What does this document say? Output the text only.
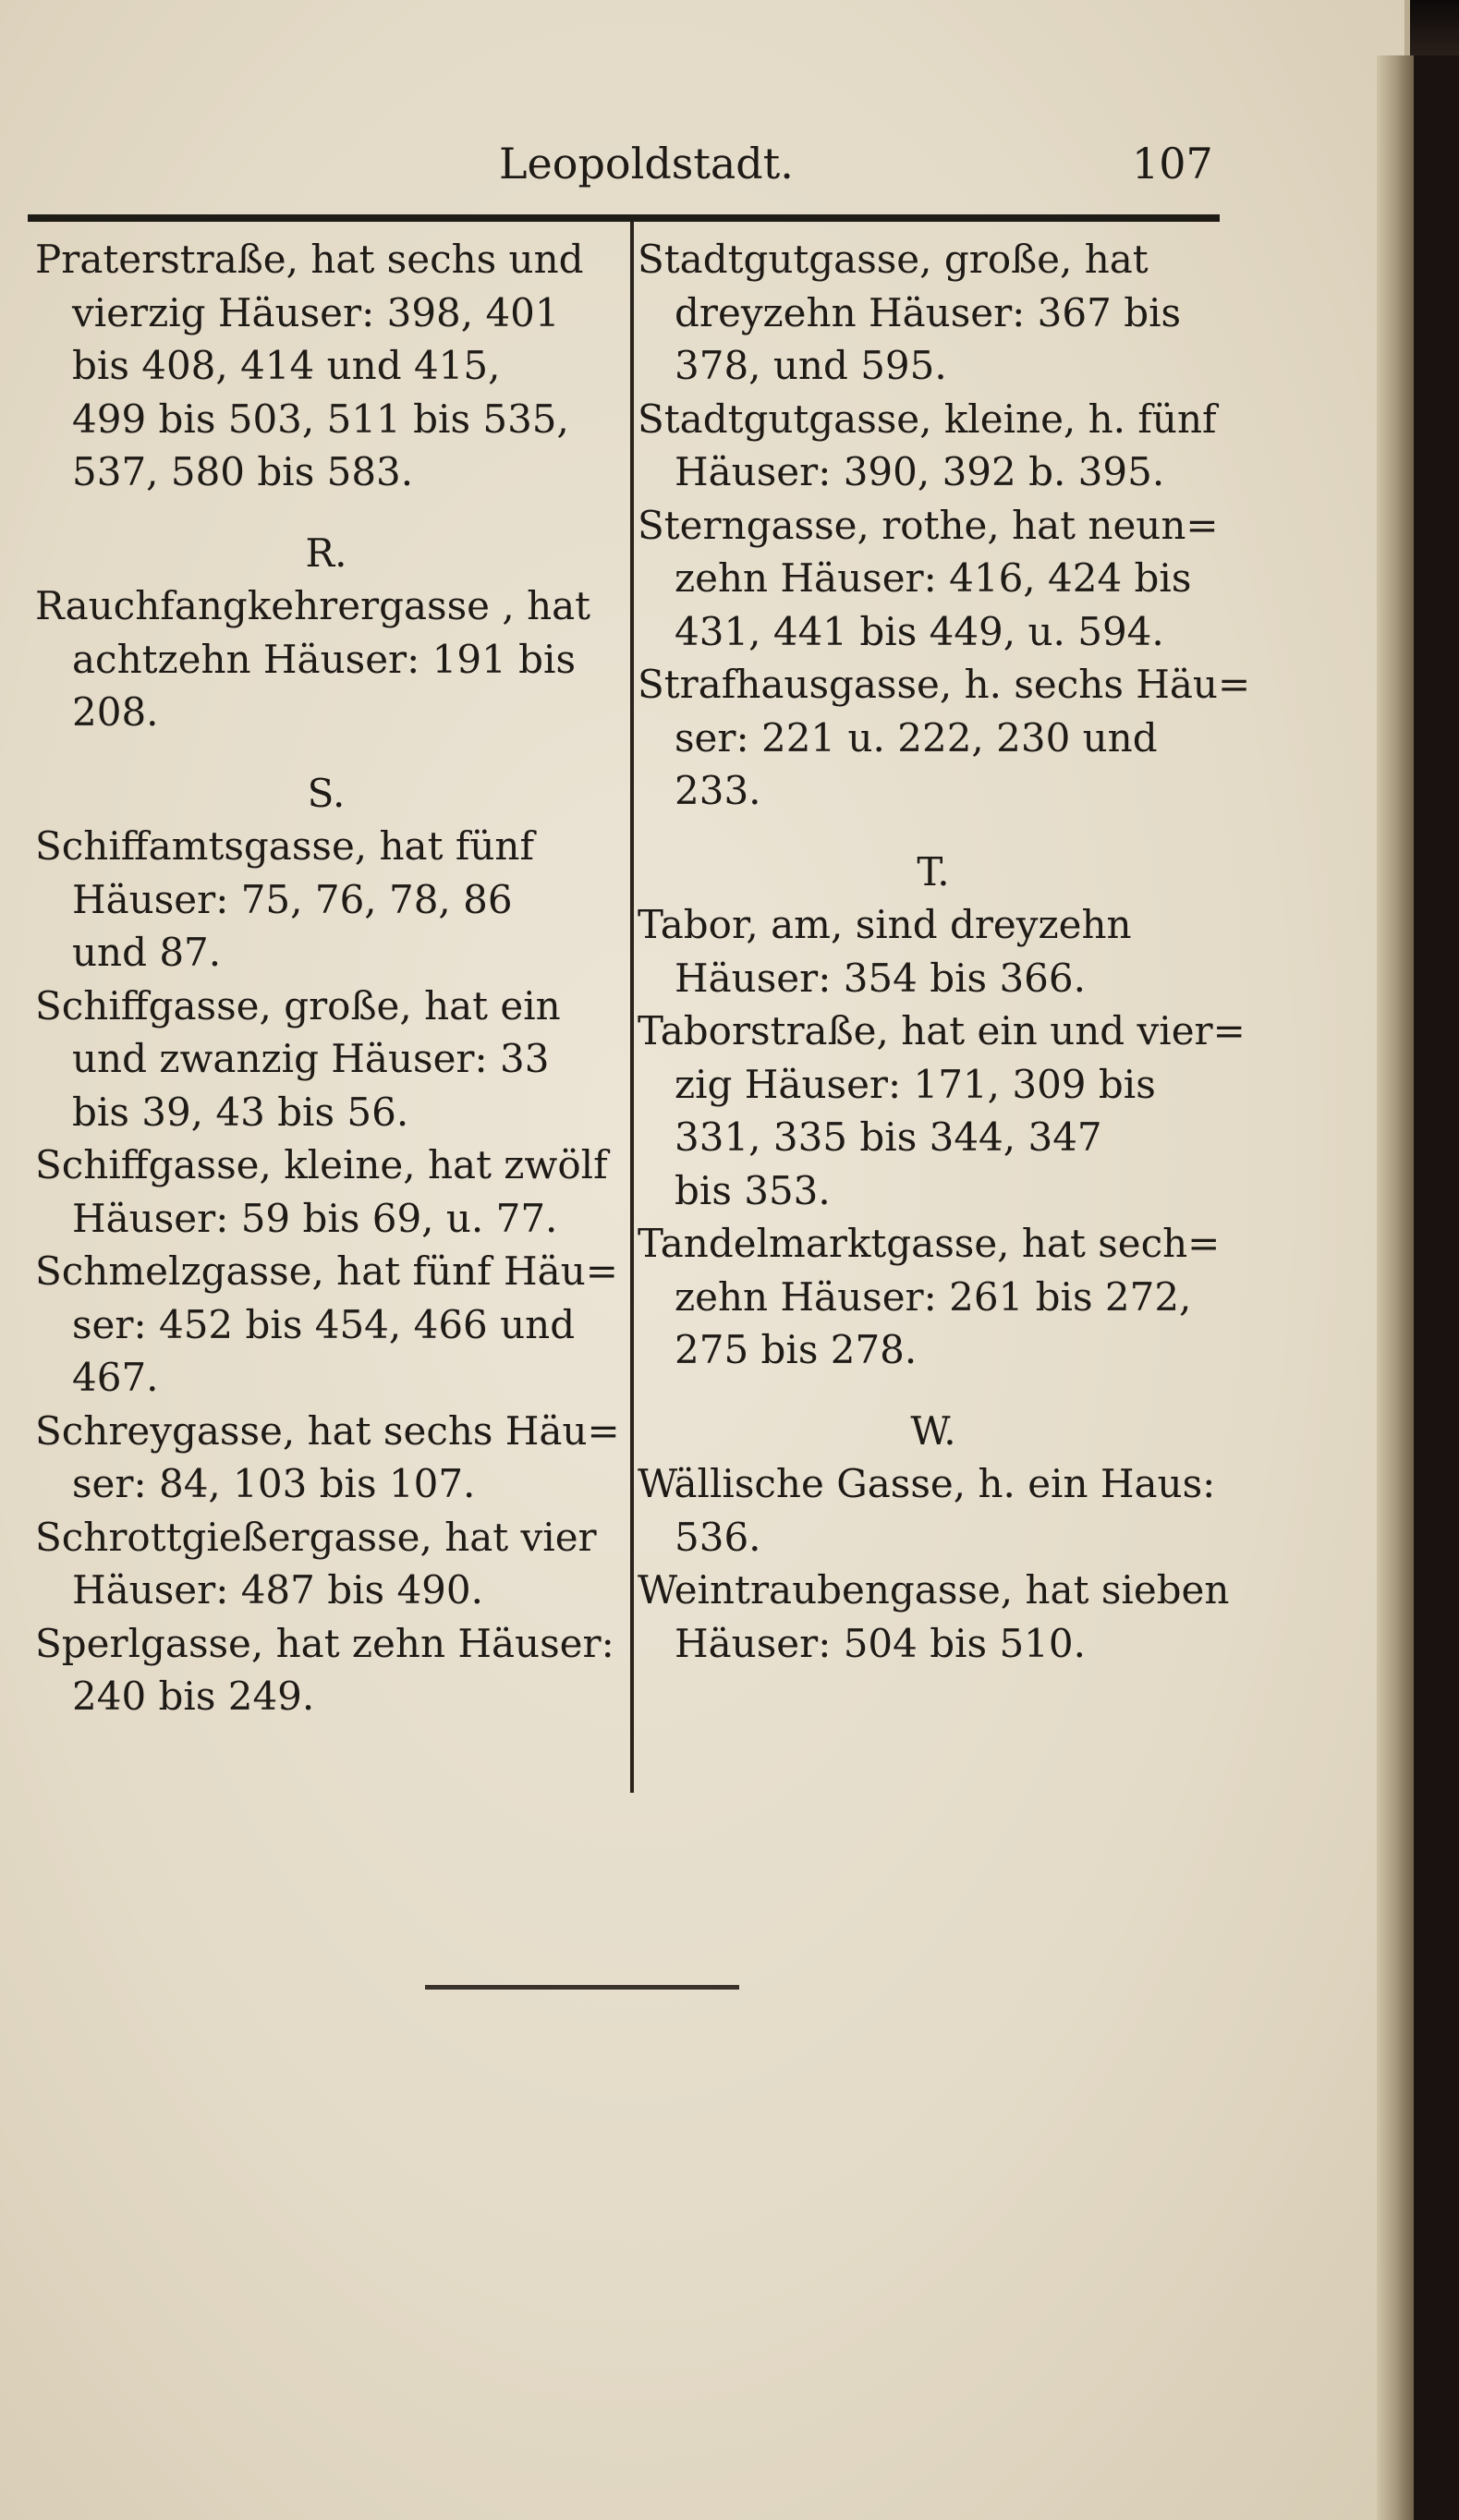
Leopoldstadt.	107
Praterstraße, hat sechs und
vierzig Häuser: 398, 401
bis 408, 414 und 415,
499 bis 503, 511 bis 535,
537, 580 bis 583.
R.
Rauchfangkehrergasse , hat
achtzehn Häuser: 191 bis
208.
S.
Schiffamtsgasse, hat fünf
Häuser: 75, 76, 78, 86
und 87.
Schiffgasse, große, hat ein
und zwanzig Häuser: 33
bis 39, 43 bis 56.
Schiffgasse, kleine, hat zwölf
Häuser: 59 bis 69, u. 77.
Schmelzgasse, hat fünf Häu=
ser: 452 bis 454, 466 und
467.
Schreygasse, hat sechs Häu=
ser: 84, 103 bis 107.
Schrottgießergasse, hat vier
Häuser: 487 bis 490.
Sperlgasse, hat zehn Häuser:
240 bis 249.
Stadtgutgasse, große, hat
dreyzehn Häuser: 367 bis
378, und 595.
Stadtgutgasse, kleine, h. fünf
Häuser: 390, 392 b. 395.
Sterngasse, rothe, hat neun=
zehn Häuser: 416, 424 bis
431, 441 bis 449, u. 594.
Strafhausgasse, h. sechs Häu=
ser: 221 u. 222, 230 und
233.
T.
Tabor, am, sind dreyzehn
Häuser: 354 bis 366.
Taborstraße, hat ein und vier=
zig Häuser: 171, 309 bis
331, 335 bis 344, 347
bis 353.
Tandelmarktgasse, hat sech=
zehn Häuser: 261 bis 272,
275 bis 278.
W.
Wällische Gasse, h. ein Haus:
536.
Weintraubengasse, hat sieben
Häuser: 504 bis 510.
